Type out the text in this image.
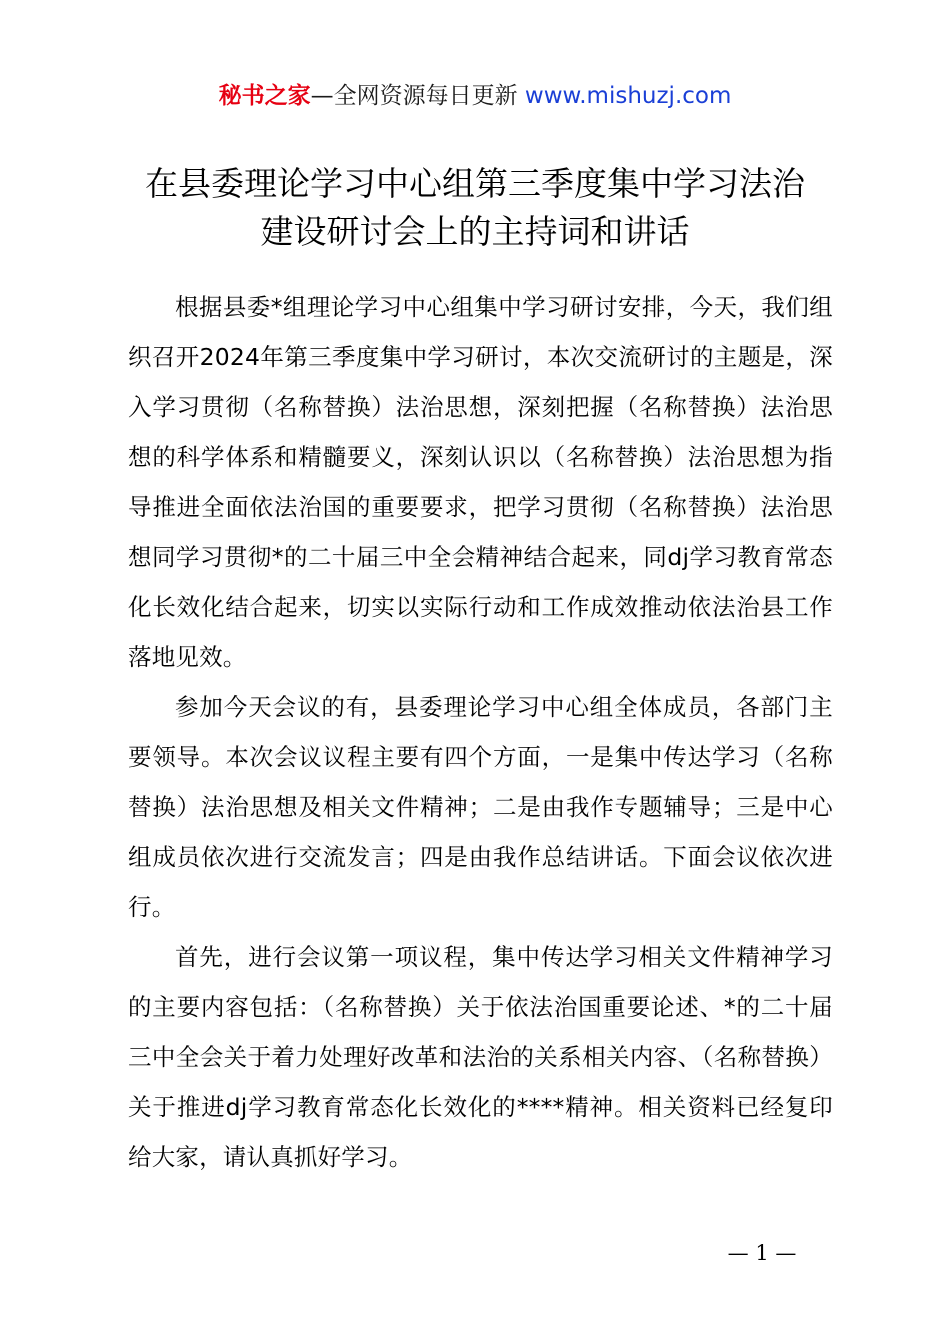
秘书之家—全网资源每日更新 www.mishuzj.com
在县委理论学习中心组第三季度集中学习法治
建设研讨会上的主持词和讲话

根据县委*组理论学习中心组集中学习研讨安排，今天，我们组织召开2024年第三季度集中学习研讨，本次交流研讨的主题是，深入学习贯彻（名称替换）法治思想，深刻把握（名称替换）法治思想的科学体系和精髓要义，深刻认识以（名称替换）法治思想为指导推进全面依法治国的重要要求，把学习贯彻（名称替换）法治思想同学习贯彻*的二十届三中全会精神结合起来，同dj学习教育常态化长效化结合起来，切实以实际行动和工作成效推动依法治县工作落地见效。

参加今天会议的有，县委理论学习中心组全体成员，各部门主要领导。本次会议议程主要有四个方面，一是集中传达学习（名称替换）法治思想及相关文件精神；二是由我作专题辅导；三是中心组成员依次进行交流发言；四是由我作总结讲话。下面会议依次进行。

首先，进行会议第一项议程，集中传达学习相关文件精神学习的主要内容包括：（名称替换）关于依法治国重要论述、*的二十届三中全会关于着力处理好改革和法治的关系相关内容、（名称替换）关于推进dj学习教育常态化长效化的****精神。相关资料已经复印给大家，请认真抓好学习。

— 1 —
